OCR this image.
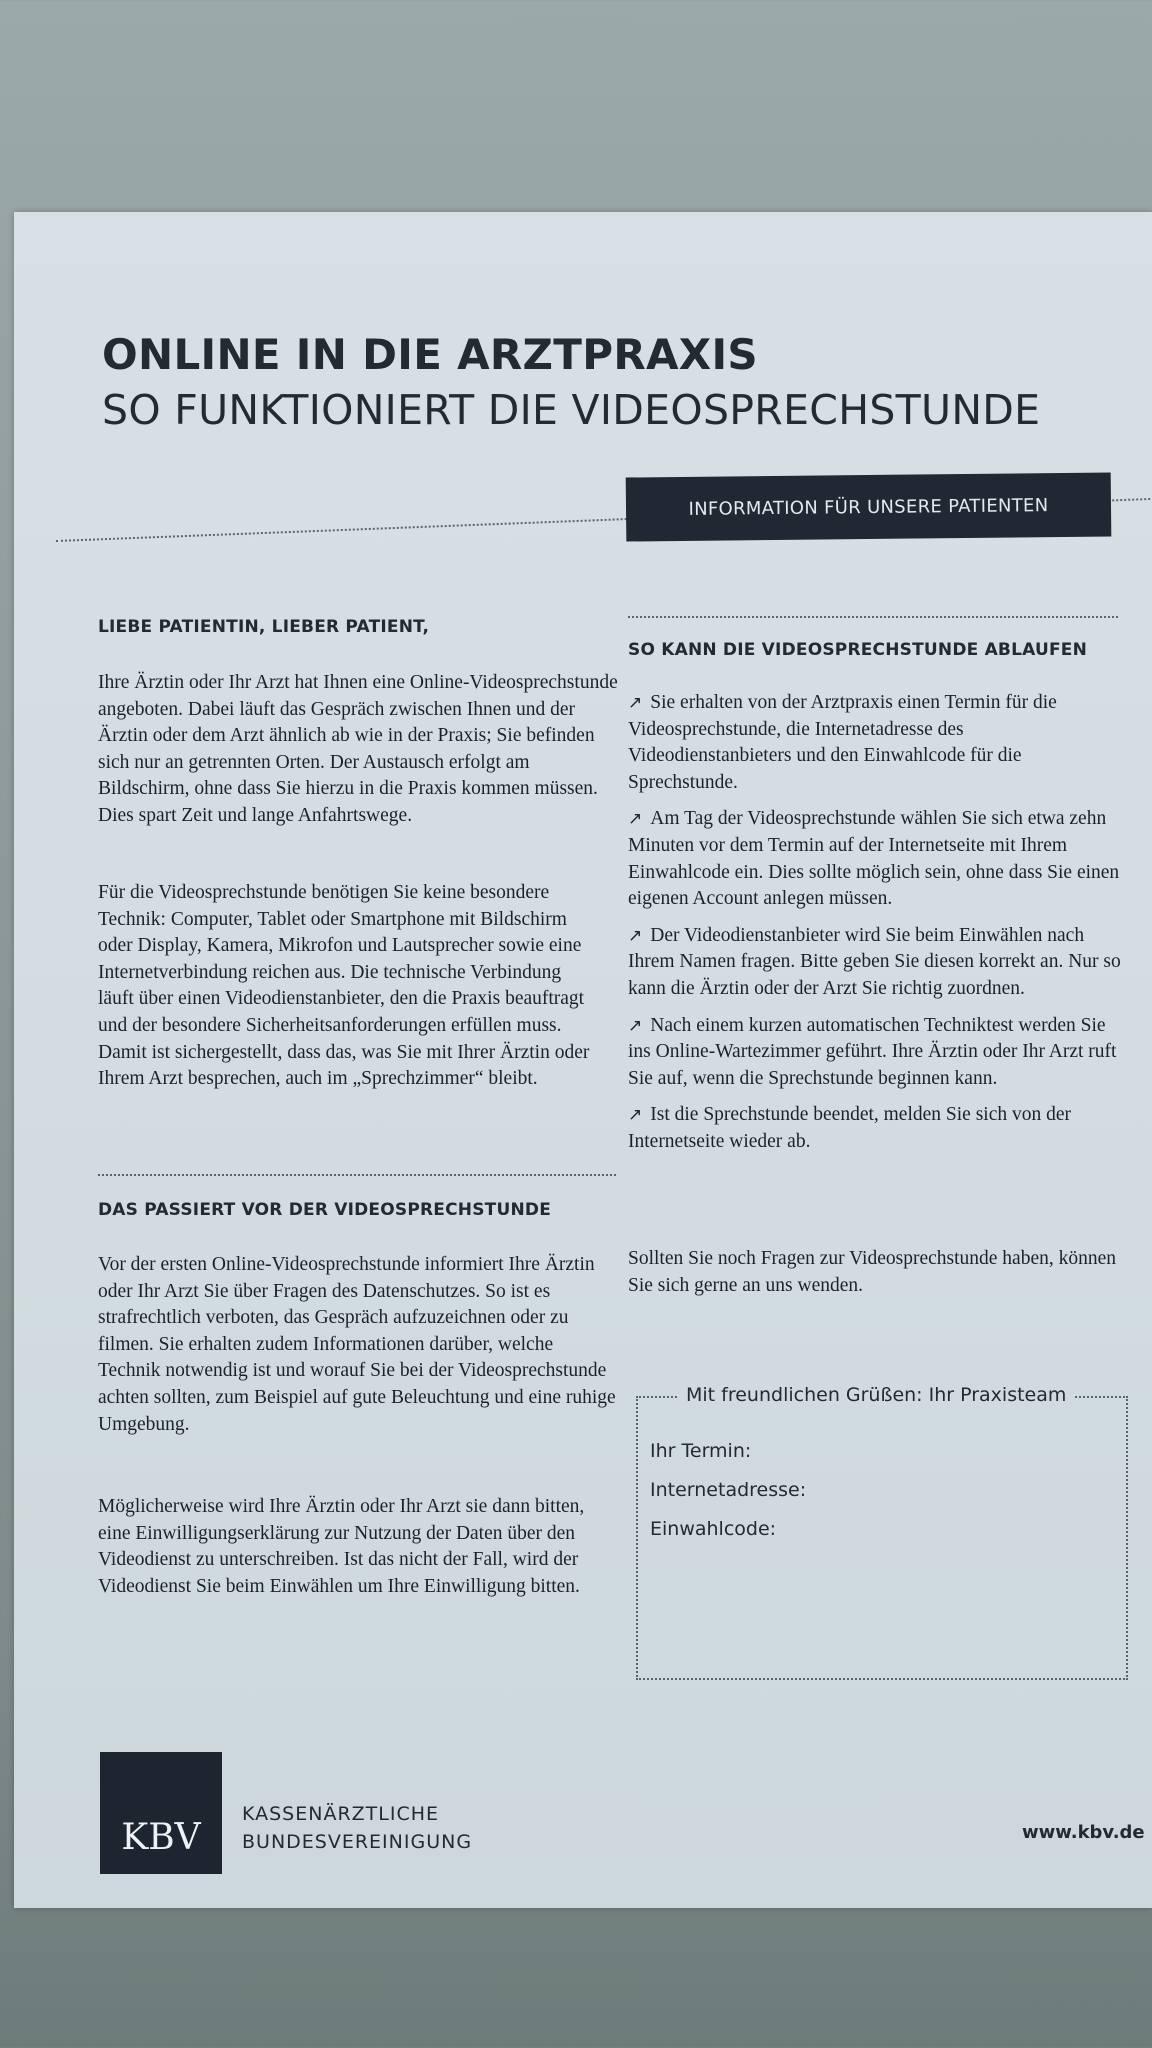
ONLINE IN DIE ARZTPRAXIS
SO FUNKTIONIERT DIE VIDEOSPRECHSTUNDE
INFORMATION FÜR UNSERE PATIENTEN
LIEBE PATIENTIN, LIEBER PATIENT,
Ihre Ärztin oder Ihr Arzt hat Ihnen eine Online-Videosprechstunde angeboten. Dabei läuft das Gespräch zwischen Ihnen und der Ärztin oder dem Arzt ähnlich ab wie in der Praxis; Sie befinden sich nur an getrennten Orten. Der Austausch erfolgt am Bildschirm, ohne dass Sie hierzu in die Praxis kommen müssen. Dies spart Zeit und lange Anfahrtswege.
Für die Videosprechstunde benötigen Sie keine besondere Technik: Computer, Tablet oder Smartphone mit Bildschirm oder Display, Kamera, Mikrofon und Lautsprecher sowie eine Internetverbindung reichen aus. Die technische Verbindung läuft über einen Videodienstanbieter, den die Praxis beauftragt und der besondere Sicherheitsanforderungen erfüllen muss. Damit ist sichergestellt, dass das, was Sie mit Ihrer Ärztin oder Ihrem Arzt besprechen, auch im „Sprechzimmer“ bleibt.
DAS PASSIERT VOR DER VIDEOSPRECHSTUNDE
Vor der ersten Online-Videosprechstunde informiert Ihre Ärztin oder Ihr Arzt Sie über Fragen des Datenschutzes. So ist es strafrechtlich verboten, das Gespräch aufzuzeichnen oder zu filmen. Sie erhalten zudem Informationen darüber, welche Technik notwendig ist und worauf Sie bei der Videosprechstunde achten sollten, zum Beispiel auf gute Beleuchtung und eine ruhige Umgebung.
Möglicherweise wird Ihre Ärztin oder Ihr Arzt sie dann bitten, eine Einwilligungserklärung zur Nutzung der Daten über den Videodienst zu unterschreiben. Ist das nicht der Fall, wird der Videodienst Sie beim Einwählen um Ihre Einwilligung bitten.
SO KANN DIE VIDEOSPRECHSTUNDE ABLAUFEN
↗ Sie erhalten von der Arztpraxis einen Termin für die Videosprechstunde, die Internetadresse des Videodienstanbieters und den Einwahlcode für die Sprechstunde.
↗ Am Tag der Videosprechstunde wählen Sie sich etwa zehn Minuten vor dem Termin auf der Internetseite mit Ihrem Einwahlcode ein. Dies sollte möglich sein, ohne dass Sie einen eigenen Account anlegen müssen.
↗ Der Videodienstanbieter wird Sie beim Einwählen nach Ihrem Namen fragen. Bitte geben Sie diesen korrekt an. Nur so kann die Ärztin oder der Arzt Sie richtig zuordnen.
↗ Nach einem kurzen automatischen Techniktest werden Sie ins Online-Wartezimmer geführt. Ihre Ärztin oder Ihr Arzt ruft Sie auf, wenn die Sprechstunde beginnen kann.
↗ Ist die Sprechstunde beendet, melden Sie sich von der Internetseite wieder ab.
Sollten Sie noch Fragen zur Videosprechstunde haben, können Sie sich gerne an uns wenden.
Mit freundlichen Grüßen: Ihr Praxisteam
Ihr Termin:
Internetadresse:
Einwahlcode:
KBV
KASSENÄRZTLICHE
BUNDESVEREINIGUNG	www.kbv.de
